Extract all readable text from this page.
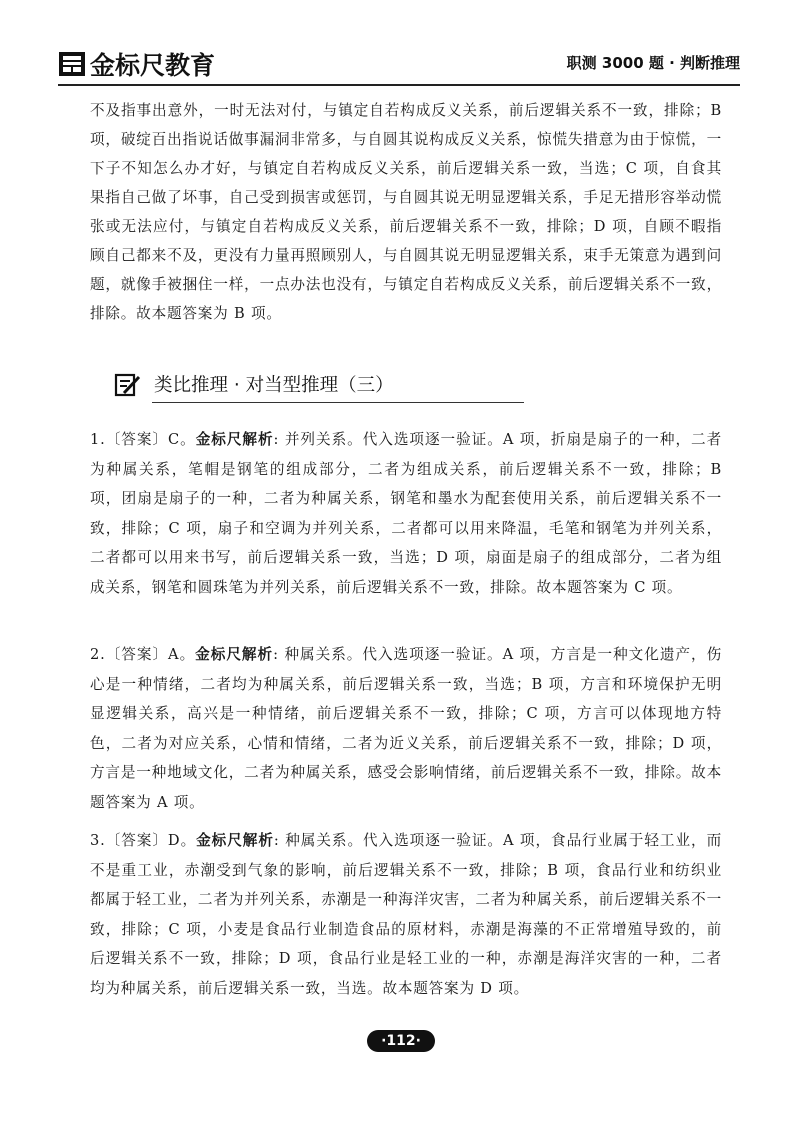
金标尺教育	职测 3000 题 · 判断推理

不及指事出意外，一时无法对付，与镇定自若构成反义关系，前后逻辑关系不一致，排除；B 项，破绽百出指说话做事漏洞非常多，与自圆其说构成反义关系，惊慌失措意为由于惊慌，一下子不知怎么办才好，与镇定自若构成反义关系，前后逻辑关系一致，当选；C 项，自食其果指自己做了坏事，自己受到损害或惩罚，与自圆其说无明显逻辑关系，手足无措形容举动慌张或无法应付，与镇定自若构成反义关系，前后逻辑关系不一致，排除；D 项，自顾不暇指顾自己都来不及，更没有力量再照顾别人，与自圆其说无明显逻辑关系，束手无策意为遇到问题，就像手被捆住一样，一点办法也没有，与镇定自若构成反义关系，前后逻辑关系不一致，排除。故本题答案为 B 项。

类比推理 · 对当型推理（三）

1.〔答案〕C。金标尺解析: 并列关系。代入选项逐一验证。A 项，折扇是扇子的一种，二者为种属关系，笔帽是钢笔的组成部分，二者为组成关系，前后逻辑关系不一致，排除；B 项，团扇是扇子的一种，二者为种属关系，钢笔和墨水为配套使用关系，前后逻辑关系不一致，排除；C 项，扇子和空调为并列关系，二者都可以用来降温，毛笔和钢笔为并列关系，二者都可以用来书写，前后逻辑关系一致，当选；D 项，扇面是扇子的组成部分，二者为组成关系，钢笔和圆珠笔为并列关系，前后逻辑关系不一致，排除。故本题答案为 C 项。

2.〔答案〕A。金标尺解析: 种属关系。代入选项逐一验证。A 项，方言是一种文化遗产，伤心是一种情绪，二者均为种属关系，前后逻辑关系一致，当选；B 项，方言和环境保护无明显逻辑关系，高兴是一种情绪，前后逻辑关系不一致，排除；C 项，方言可以体现地方特色，二者为对应关系，心情和情绪，二者为近义关系，前后逻辑关系不一致，排除；D 项，方言是一种地域文化，二者为种属关系，感受会影响情绪，前后逻辑关系不一致，排除。故本题答案为 A 项。

3.〔答案〕D。金标尺解析: 种属关系。代入选项逐一验证。A 项，食品行业属于轻工业，而不是重工业，赤潮受到气象的影响，前后逻辑关系不一致，排除；B 项，食品行业和纺织业都属于轻工业，二者为并列关系，赤潮是一种海洋灾害，二者为种属关系，前后逻辑关系不一致，排除；C 项，小麦是食品行业制造食品的原材料，赤潮是海藻的不正常增殖导致的，前后逻辑关系不一致，排除；D 项，食品行业是轻工业的一种，赤潮是海洋灾害的一种，二者均为种属关系，前后逻辑关系一致，当选。故本题答案为 D 项。

·112·
